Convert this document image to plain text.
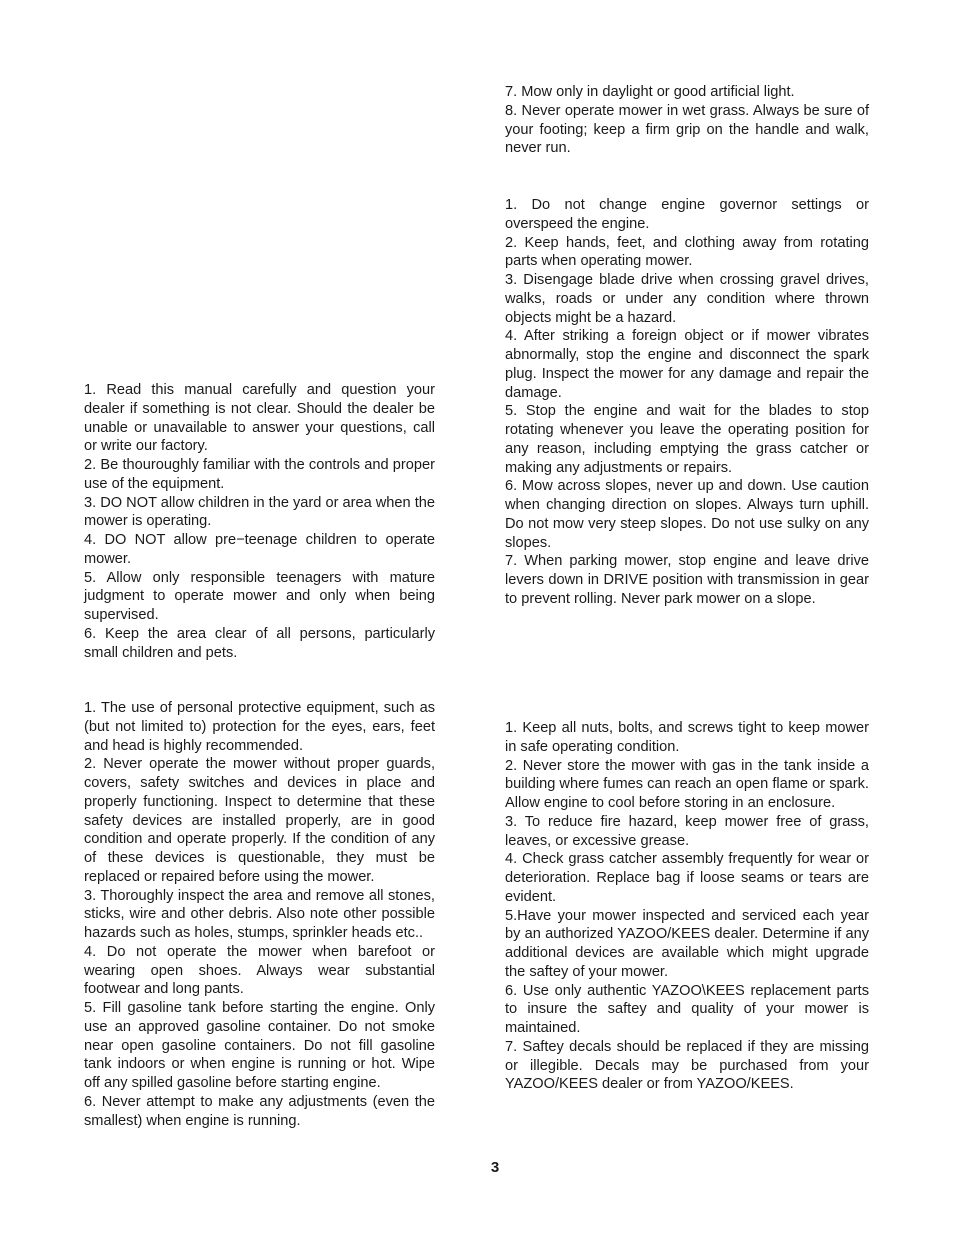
1. Read this manual carefully and question your dealer if something is not clear. Should the dealer be unable or unavailable to answer your questions, call or write our factory.

2. Be thouroughly familiar with the controls and proper use of the equipment.

3. DO NOT allow children in the yard or area when the mower is operating.

4. DO NOT allow pre−teenage children to operate mower.

5. Allow only responsible teenagers with mature judgment to operate mower and only when being supervised.

6. Keep the area clear of all persons, particularly small children and pets.

1. The use of personal protective equipment, such as (but not limited to) protection for the eyes, ears, feet and head is highly recommended.

2. Never operate the mower without proper guards, covers, safety switches and devices in place and properly functioning. Inspect to determine that these safety devices are installed properly, are in good condition and operate properly. If the condition of any of these devices is questionable, they must be replaced or repaired before using the mower.

3. Thoroughly inspect the area and remove all stones, sticks, wire and other debris. Also note other possible hazards such as holes, stumps, sprinkler heads etc..

4. Do not operate the mower when barefoot or wearing open shoes. Always wear substantial footwear and long pants.

5. Fill gasoline tank before starting the engine. Only use an approved gasoline container. Do not smoke near open gasoline containers. Do not fill gasoline tank indoors or when engine is running or hot. Wipe off any spilled gasoline before starting engine.

6. Never attempt to make any adjustments (even the smallest) when engine is running.

7. Mow only in daylight or good artificial light.

8. Never operate mower in wet grass. Always be sure of your footing; keep a firm grip on the handle and walk, never run.

1. Do not change engine governor settings or overspeed the engine.

2. Keep hands, feet, and clothing away from rotating parts when operating mower.

3. Disengage blade drive when crossing gravel drives, walks, roads or under any condition where thrown objects might be a hazard.

4. After striking a foreign object or if mower vibrates abnormally, stop the engine and disconnect the spark plug. Inspect the mower for any damage and repair the damage.

5. Stop the engine and wait for the blades to stop rotating whenever you leave the operating position for any reason, including emptying the grass catcher or making any adjustments or repairs.

6. Mow across slopes, never up and down. Use caution when changing direction on slopes. Always turn uphill. Do not mow very steep slopes. Do not use sulky on any slopes.

7. When parking mower, stop engine and leave drive levers down in DRIVE position with transmission in gear to prevent rolling. Never park mower on a slope.

1. Keep all nuts, bolts, and screws tight to keep mower in safe operating condition.

2. Never store the mower with gas in the tank inside a building where fumes can reach an open flame or spark. Allow engine to cool before storing in an enclosure.

3. To reduce fire hazard, keep mower free of grass, leaves, or excessive grease.

4. Check grass catcher assembly frequently for wear or deterioration. Replace bag if loose seams or tears are evident.

5.Have your mower inspected and serviced each year by an authorized YAZOO/KEES dealer. Determine if any additional devices are available which might upgrade the saftey of your mower.

6. Use only authentic YAZOO\KEES replacement parts to insure the saftey and quality of your mower is maintained.

7. Saftey decals should be replaced if they are missing or illegible. Decals may be purchased from your YAZOO/KEES dealer or from YAZOO/KEES.

3
